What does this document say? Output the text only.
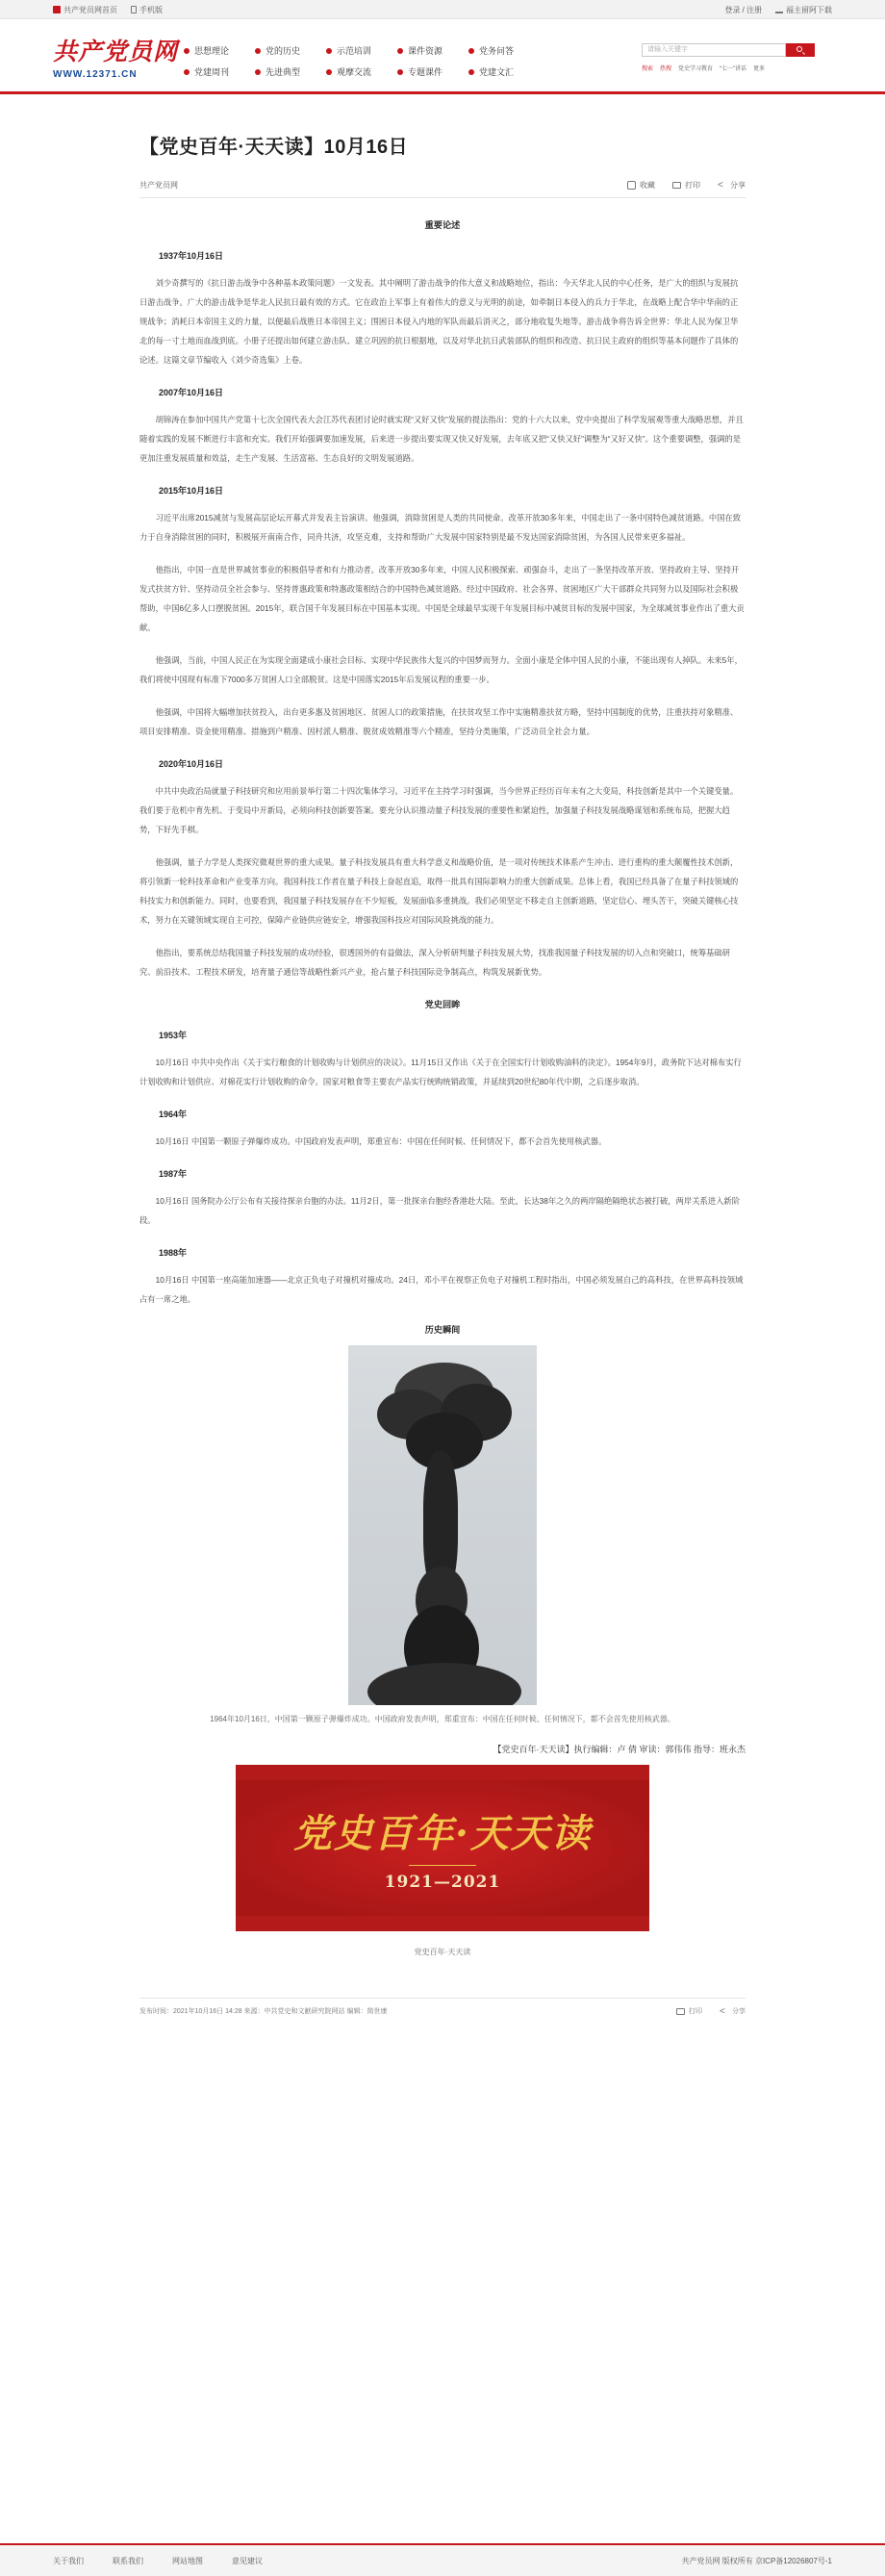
共产党员网首页	手机版	登录 / 注册	福主留阿下载
共产党员网
WWW.12371.CN
思想理论	党的历史	示范培训	课件资源	党务问答
党建周刊	先进典型	观摩交流	专题课件	党建文汇
请输入关键字
搜索 热搜 党史学习教育 “七一”讲话 更多
【党史百年·天天读】10月16日
共产党员网	收藏	打印 <	分享
重要论述
1937年10月16日

刘少奇撰写的《抗日游击战争中各种基本政策问题》一文发表。其中阐明了游击战争的伟大意义和战略地位，指出：今天华北人民的中心任务，是广大的组织与发展抗日游击战争。广大的游击战争是华北人民抗日最有效的方式。它在政治上军事上有着伟大的意义与光明的前途，如牵制日本侵入的兵力于华北，在战略上配合华中华南的正规战争；消耗日本帝国主义的力量，以便最后战胜日本帝国主义；围困日本侵入内地的军队而最后消灭之，部分地收复失地等。游击战争将告诉全世界：华北人民为保卫华北的每一寸土地而血战到底。小册子还提出如何建立游击队、建立巩固的抗日根据地，以及对华北抗日武装部队的组织和改造、抗日民主政府的组织等基本问题作了具体的论述。这篇文章节编收入《刘少奇选集》上卷。

2007年10月16日

胡锦涛在参加中国共产党第十七次全国代表大会江苏代表团讨论时就实现“又好又快”发展的提法指出：党的十六大以来，党中央提出了科学发展观等重大战略思想，并且随着实践的发展不断进行丰富和充实。我们开始强调要加速发展，后来进一步提出要实现又快又好发展，去年底又把“又快又好”调整为“又好又快”。这个重要调整，强调的是更加注重发展质量和效益，走生产发展、生活富裕、生态良好的文明发展道路。

2015年10月16日

习近平出席2015减贫与发展高层论坛开幕式并发表主旨演讲。他强调，消除贫困是人类的共同使命。改革开放30多年来，中国走出了一条中国特色减贫道路。中国在致力于自身消除贫困的同时，积极展开南南合作，同舟共济，攻坚克难，支持和帮助广大发展中国家特别是最不发达国家消除贫困，为各国人民带来更多福祉。

他指出，中国一直是世界减贫事业的积极倡导者和有力推动者。改革开放30多年来，中国人民积极探索、顽强奋斗，走出了一条坚持改革开放、坚持政府主导、坚持开发式扶贫方针、坚持动员全社会参与、坚持普惠政策和特惠政策相结合的中国特色减贫道路。经过中国政府、社会各界、贫困地区广大干部群众共同努力以及国际社会积极帮助，中国6亿多人口摆脱贫困。2015年，联合国千年发展目标在中国基本实现。中国是全球最早实现千年发展目标中减贫目标的发展中国家，为全球减贫事业作出了重大贡献。

他强调，当前，中国人民正在为实现全面建成小康社会目标、实现中华民族伟大复兴的中国梦而努力。全面小康是全体中国人民的小康，不能出现有人掉队。未来5年，我们将使中国现有标准下7000多万贫困人口全部脱贫。这是中国落实2015年后发展议程的重要一步。

他强调，中国将大幅增加扶贫投入，出台更多惠及贫困地区、贫困人口的政策措施，在扶贫攻坚工作中实施精准扶贫方略，坚持中国制度的优势，注重扶持对象精准、项目安排精准、资金使用精准、措施到户精准、因村派人精准、脱贫成效精准等六个精准，坚持分类施策，广泛动员全社会力量。

2020年10月16日

中共中央政治局就量子科技研究和应用前景举行第二十四次集体学习。习近平在主持学习时强调，当今世界正经历百年未有之大变局，科技创新是其中一个关键变量。我们要于危机中育先机、于变局中开新局，必须向科技创新要答案。要充分认识推动量子科技发展的重要性和紧迫性，加强量子科技发展战略谋划和系统布局，把握大趋势，下好先手棋。

他强调，量子力学是人类探究微观世界的重大成果。量子科技发展具有重大科学意义和战略价值，是一项对传统技术体系产生冲击、进行重构的重大颠覆性技术创新，将引领新一轮科技革命和产业变革方向。我国科技工作者在量子科技上奋起直追，取得一批具有国际影响力的重大创新成果。总体上看，我国已经具备了在量子科技领域的科技实力和创新能力。同时，也要看到，我国量子科技发展存在不少短板，发展面临多重挑战。我们必须坚定不移走自主创新道路，坚定信心、埋头苦干，突破关键核心技术，努力在关键领域实现自主可控，保障产业链供应链安全，增强我国科技应对国际风险挑战的能力。

他指出，要系统总结我国量子科技发展的成功经验，很透国外的有益做法，深入分析研判量子科技发展大势，找准我国量子科技发展的切入点和突破口，统筹基础研究、前沿技术、工程技术研发，培育量子通信等战略性新兴产业，抢占量子科技国际竞争制高点，构筑发展新优势。

党史回眸
1953年

10月16日 中共中央作出《关于实行粮食的计划收购与计划供应的决议》。11月15日又作出《关于在全国实行计划收购油料的决定》。1954年9月，政务院下达对棉布实行计划收购和计划供应、对棉花实行计划收购的命令。国家对粮食等主要农产品实行统购统销政策，并延续到20世纪80年代中期，之后逐步取消。

1964年

10月16日 中国第一颗原子弹爆炸成功。中国政府发表声明，郑重宣布：中国在任何时候、任何情况下，都不会首先使用核武器。

1987年

10月16日 国务院办公厅公布有关接待探亲台胞的办法。11月2日，第一批探亲台胞经香港赴大陆。至此，长达38年之久的两岸隔绝隔绝状态被打破，两岸关系进入新阶段。

1988年

10月16日 中国第一座高能加速器——北京正负电子对撞机对撞成功。24日，邓小平在视察正负电子对撞机工程时指出，中国必须发展自己的高科技，在世界高科技领域占有一席之地。

历史瞬间
1964年10月16日，中国第一颗原子弹爆炸成功。中国政府发表声明，郑重宣布：中国在任何时候、任何情况下，都不会首先使用核武器。
【党史百年·天天读】执行编辑：卢 倩 审读：郭伟伟 指导：班永杰
党史百年·天天读
1921—2021
党史百年·天天读
发布时间：2021年10月16日 14:28 来源：中共党史和文献研究院网站 编辑：简世康	打印 <	分享
关于我们	联系我们	网站地图	意见建议	共产党员网 版权所有 京ICP备12026807号-1
